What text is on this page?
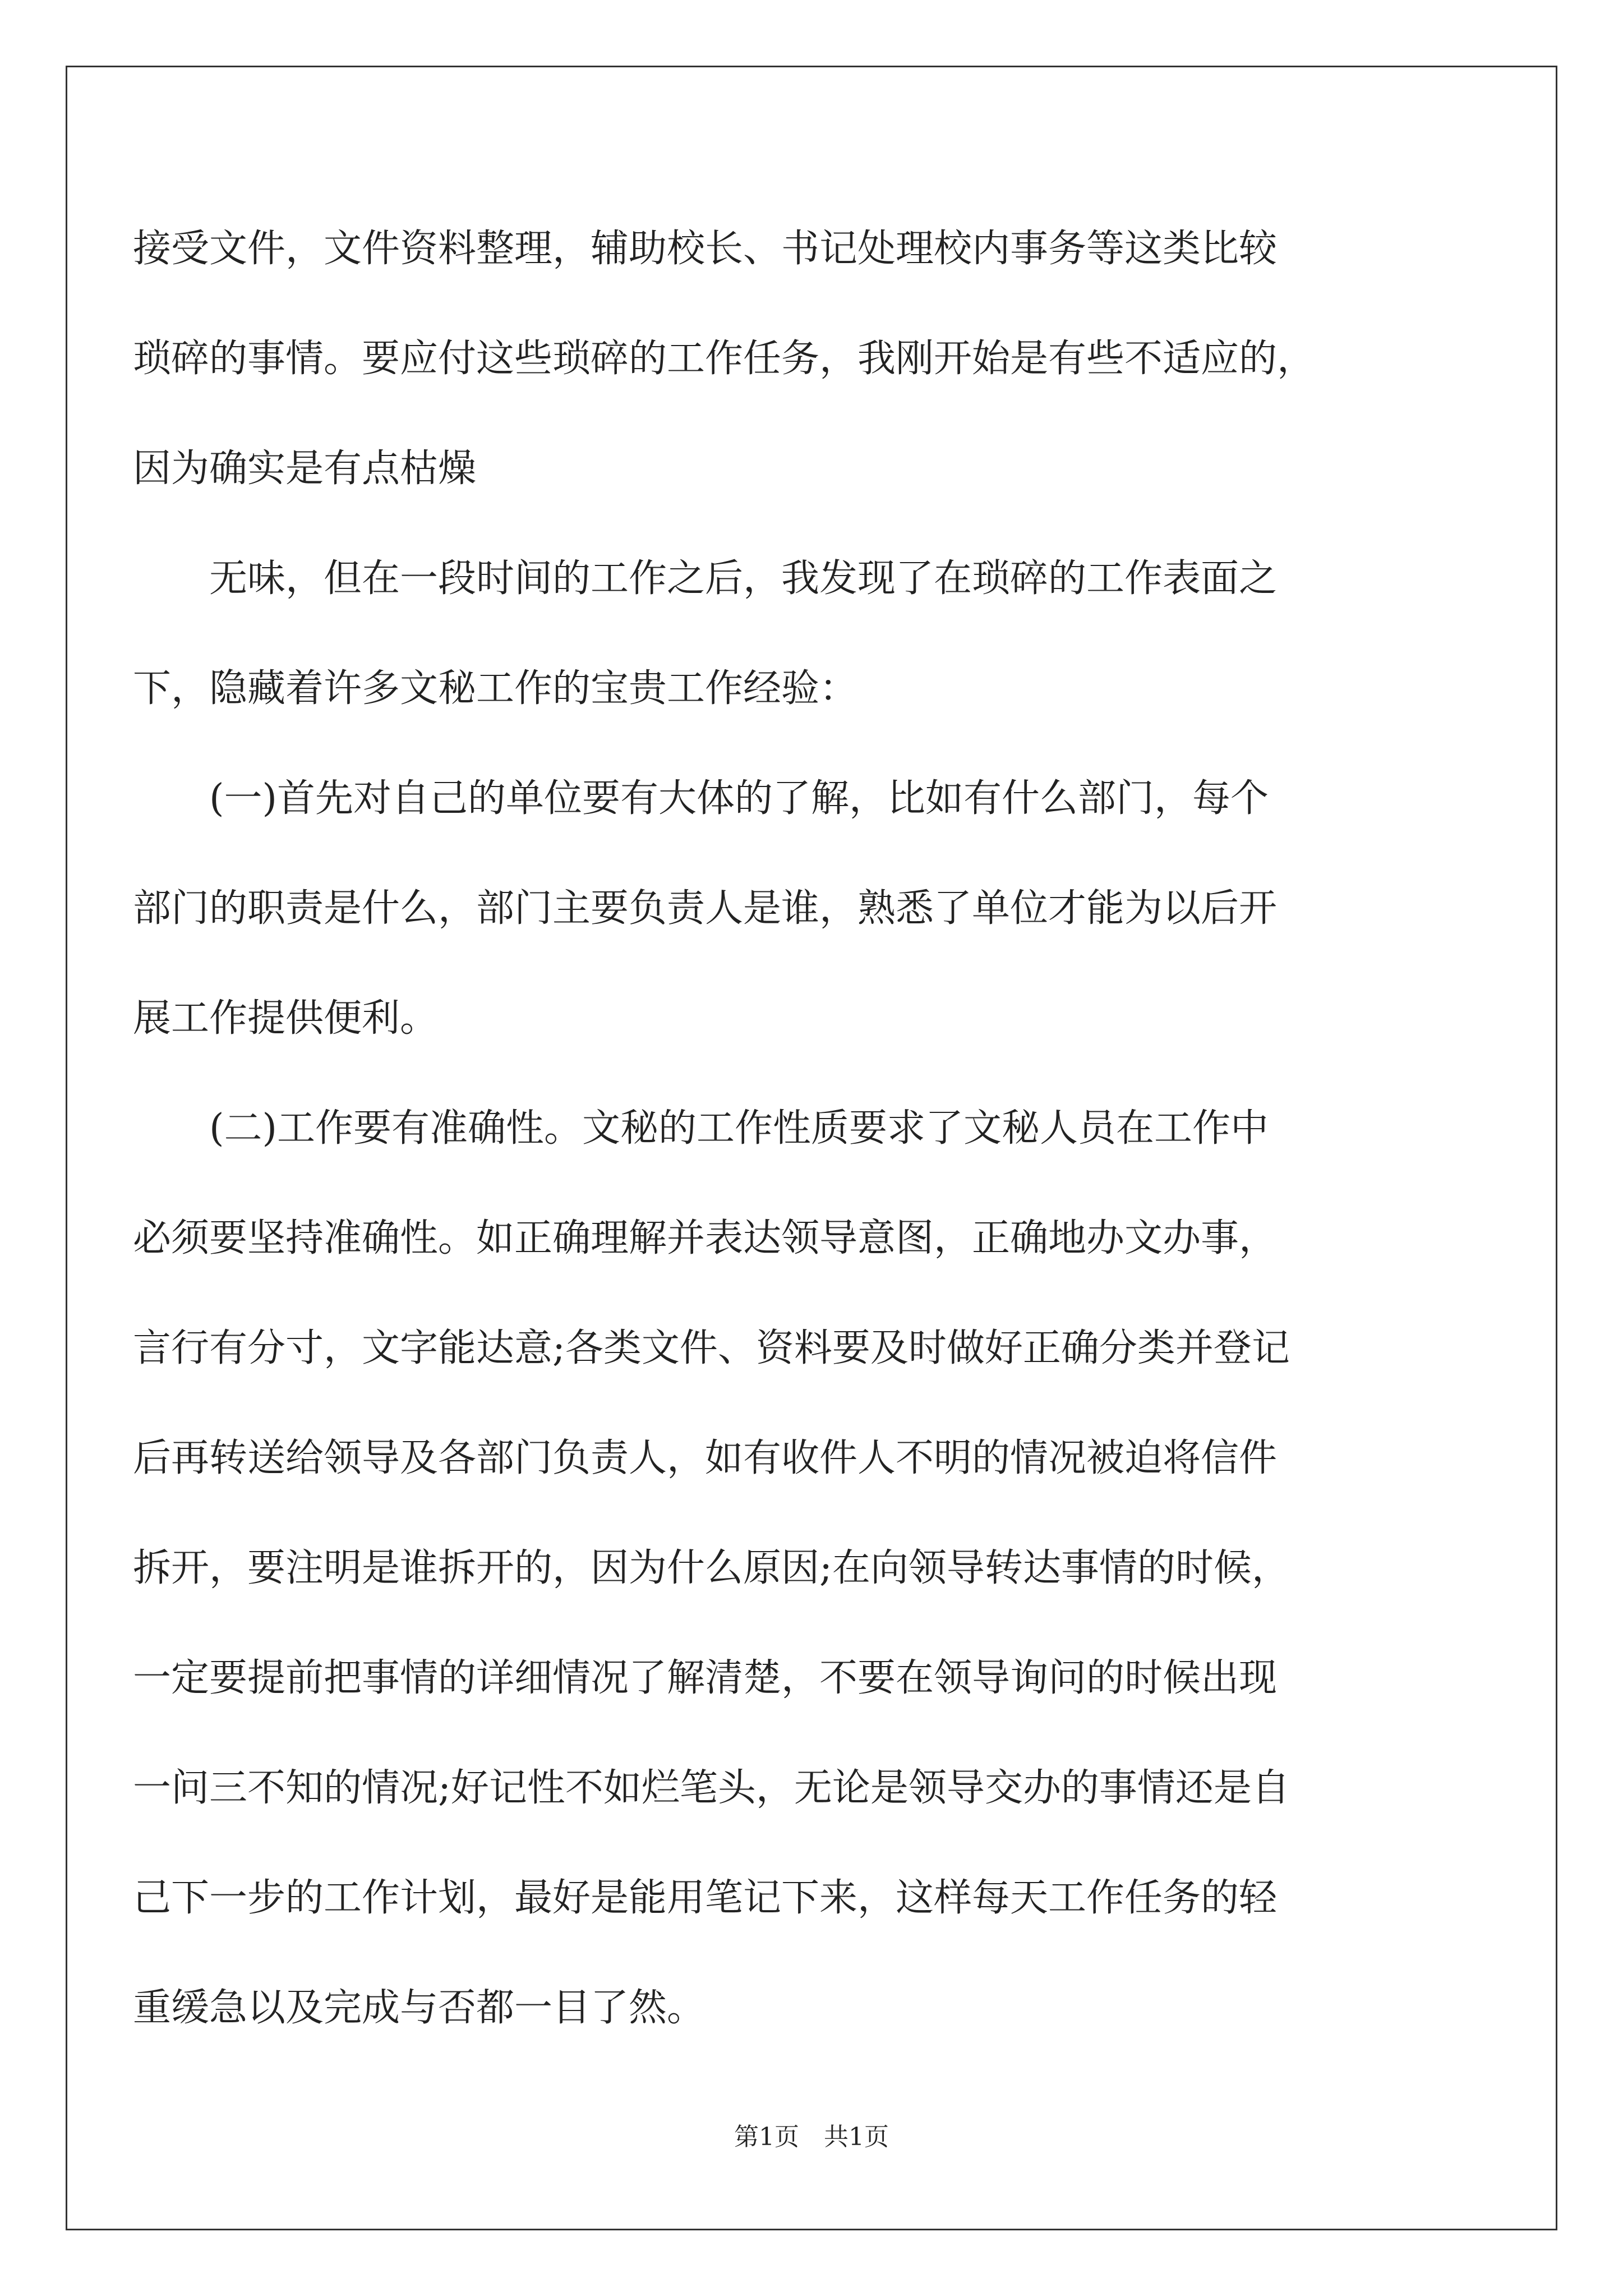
接受文件，文件资料整理，辅助校长、书记处理校内事务等这类比较
琐碎的事情。要应付这些琐碎的工作任务，我刚开始是有些不适应的，
因为确实是有点枯燥
无味，但在一段时间的工作之后，我发现了在琐碎的工作表面之
下，隐藏着许多文秘工作的宝贵工作经验：
(一)首先对自己的单位要有大体的了解，比如有什么部门，每个
部门的职责是什么，部门主要负责人是谁，熟悉了单位才能为以后开
展工作提供便利。
(二)工作要有准确性。文秘的工作性质要求了文秘人员在工作中
必须要坚持准确性。如正确理解并表达领导意图，正确地办文办事，
言行有分寸，文字能达意;各类文件、资料要及时做好正确分类并登记
后再转送给领导及各部门负责人，如有收件人不明的情况被迫将信件
拆开，要注明是谁拆开的，因为什么原因;在向领导转达事情的时候，
一定要提前把事情的详细情况了解清楚，不要在领导询问的时候出现
一问三不知的情况;好记性不如烂笔头，无论是领导交办的事情还是自
己下一步的工作计划，最好是能用笔记下来，这样每天工作任务的轻
重缓急以及完成与否都一目了然。
第1页　共1页
